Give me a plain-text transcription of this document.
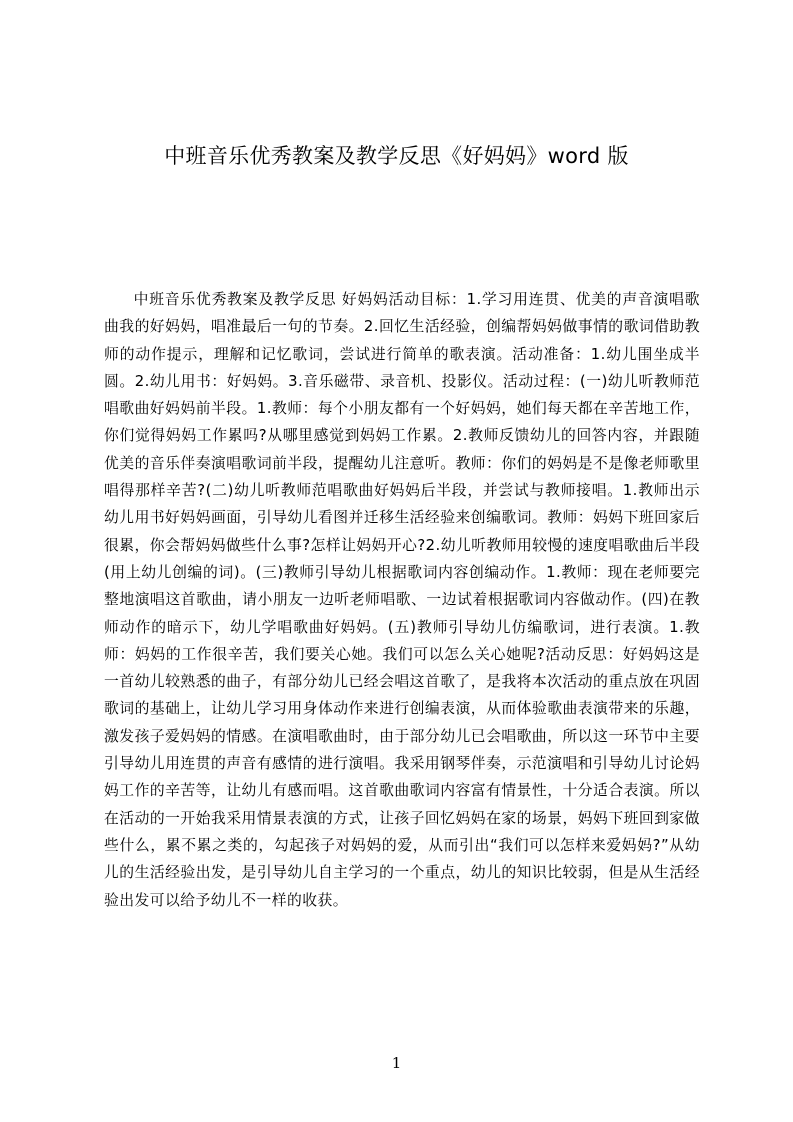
中班音乐优秀教案及教学反思《好妈妈》word 版
中班音乐优秀教案及教学反思 好妈妈活动目标：1.学习用连贯、优美的声音演唱歌曲我的好妈妈，唱准最后一句的节奏。2.回忆生活经验，创编帮妈妈做事情的歌词借助教师的动作提示，理解和记忆歌词，尝试进行简单的歌表演。活动准备：1.幼儿围坐成半圆。2.幼儿用书：好妈妈。3.音乐磁带、录音机、投影仪。活动过程：(一)幼儿听教师范唱歌曲好妈妈前半段。1.教师：每个小朋友都有一个好妈妈，她们每天都在辛苦地工作，你们觉得妈妈工作累吗?从哪里感觉到妈妈工作累。2.教师反馈幼儿的回答内容，并跟随优美的音乐伴奏演唱歌词前半段，提醒幼儿注意听。教师：你们的妈妈是不是像老师歌里唱得那样辛苦?(二)幼儿听教师范唱歌曲好妈妈后半段，并尝试与教师接唱。1.教师出示幼儿用书好妈妈画面，引导幼儿看图并迁移生活经验来创编歌词。教师：妈妈下班回家后很累，你会帮妈妈做些什么事?怎样让妈妈开心?2.幼儿听教师用较慢的速度唱歌曲后半段(用上幼儿创编的词)。(三)教师引导幼儿根据歌词内容创编动作。1.教师：现在老师要完整地演唱这首歌曲，请小朋友一边听老师唱歌、一边试着根据歌词内容做动作。(四)在教师动作的暗示下，幼儿学唱歌曲好妈妈。(五)教师引导幼儿仿编歌词，进行表演。1.教师：妈妈的工作很辛苦，我们要关心她。我们可以怎么关心她呢?活动反思：好妈妈这是一首幼儿较熟悉的曲子，有部分幼儿已经会唱这首歌了，是我将本次活动的重点放在巩固歌词的基础上，让幼儿学习用身体动作来进行创编表演，从而体验歌曲表演带来的乐趣，激发孩子爱妈妈的情感。在演唱歌曲时，由于部分幼儿已会唱歌曲，所以这一环节中主要引导幼儿用连贯的声音有感情的进行演唱。我采用钢琴伴奏，示范演唱和引导幼儿讨论妈妈工作的辛苦等，让幼儿有感而唱。这首歌曲歌词内容富有情景性，十分适合表演。所以在活动的一开始我采用情景表演的方式，让孩子回忆妈妈在家的场景，妈妈下班回到家做些什么，累不累之类的，勾起孩子对妈妈的爱，从而引出“我们可以怎样来爱妈妈?”从幼儿的生活经验出发，是引导幼儿自主学习的一个重点，幼儿的知识比较弱，但是从生活经验出发可以给予幼儿不一样的收获。
1
